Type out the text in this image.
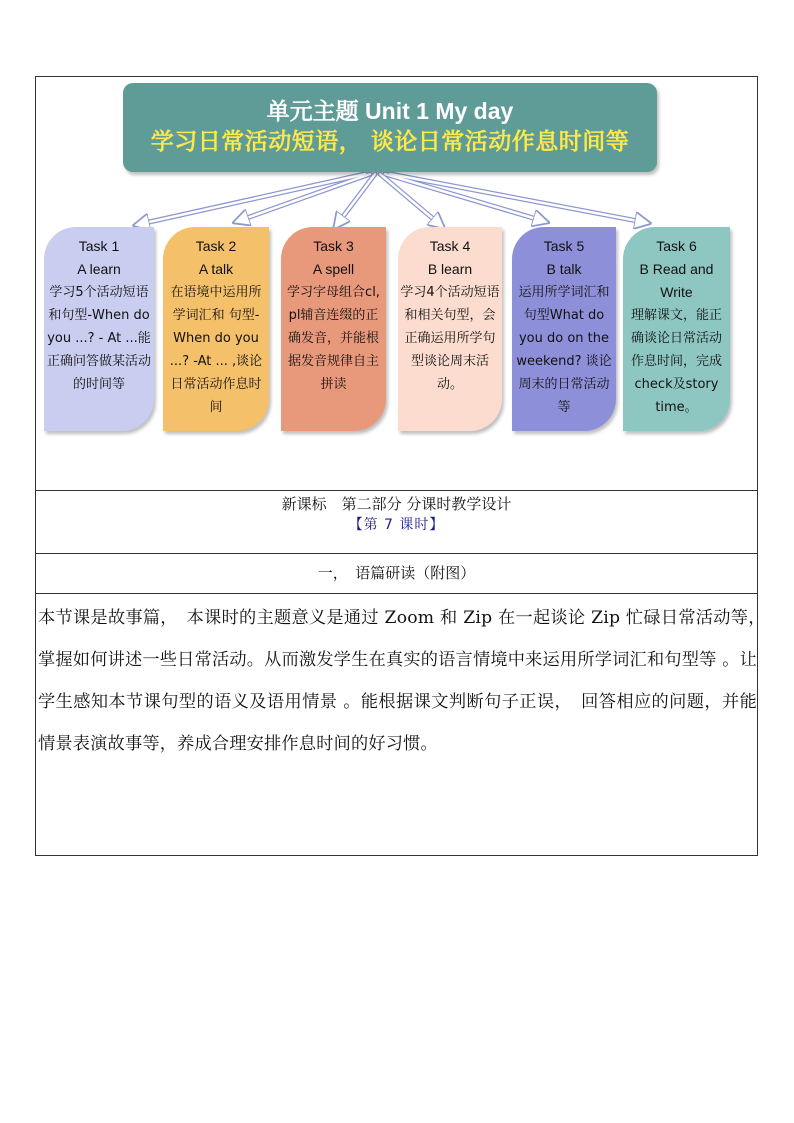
单元主题 Unit 1 My day
学习日常活动短语， 谈论日常活动作息时间等
Task 1
A learn
学习5个活动短语和句型-When do you ...? - At ...能正确问答做某活动的时间等
Task 2
A talk
在语境中运用所学词汇和 句型-When do you ...? -At ... ,谈论日常活动作息时间
Task 3
A spell
学习字母组合cl, pl辅音连缀的正确发音，并能根据发音规律自主拼读
Task 4
B learn
学习4个活动短语和相关句型，会正确运用所学句型谈论周末活动。
Task 5
B talk
运用所学词汇和 句型What do you do on the weekend? 谈论周末的日常活动等
Task 6
B Read and Write
理解课文，能正确谈论日常活动作息时间，完成check及story time。
新课标　第二部分 分课时教学设计
【第 7 课时】
一，　语篇研读（附图）
本节课是故事篇，　本课时的主题意义是通过 Zoom 和 Zip 在一起谈论 Zip 忙碌日常活动等，　掌握如何讲述一些日常活动。从而激发学生在真实的语言情境中来运用所学词汇和句型等 。让学生感知本节课句型的语义及语用情景 。能根据课文判断句子正误，　回答相应的问题，并能情景表演故事等，养成合理安排作息时间的好习惯。
